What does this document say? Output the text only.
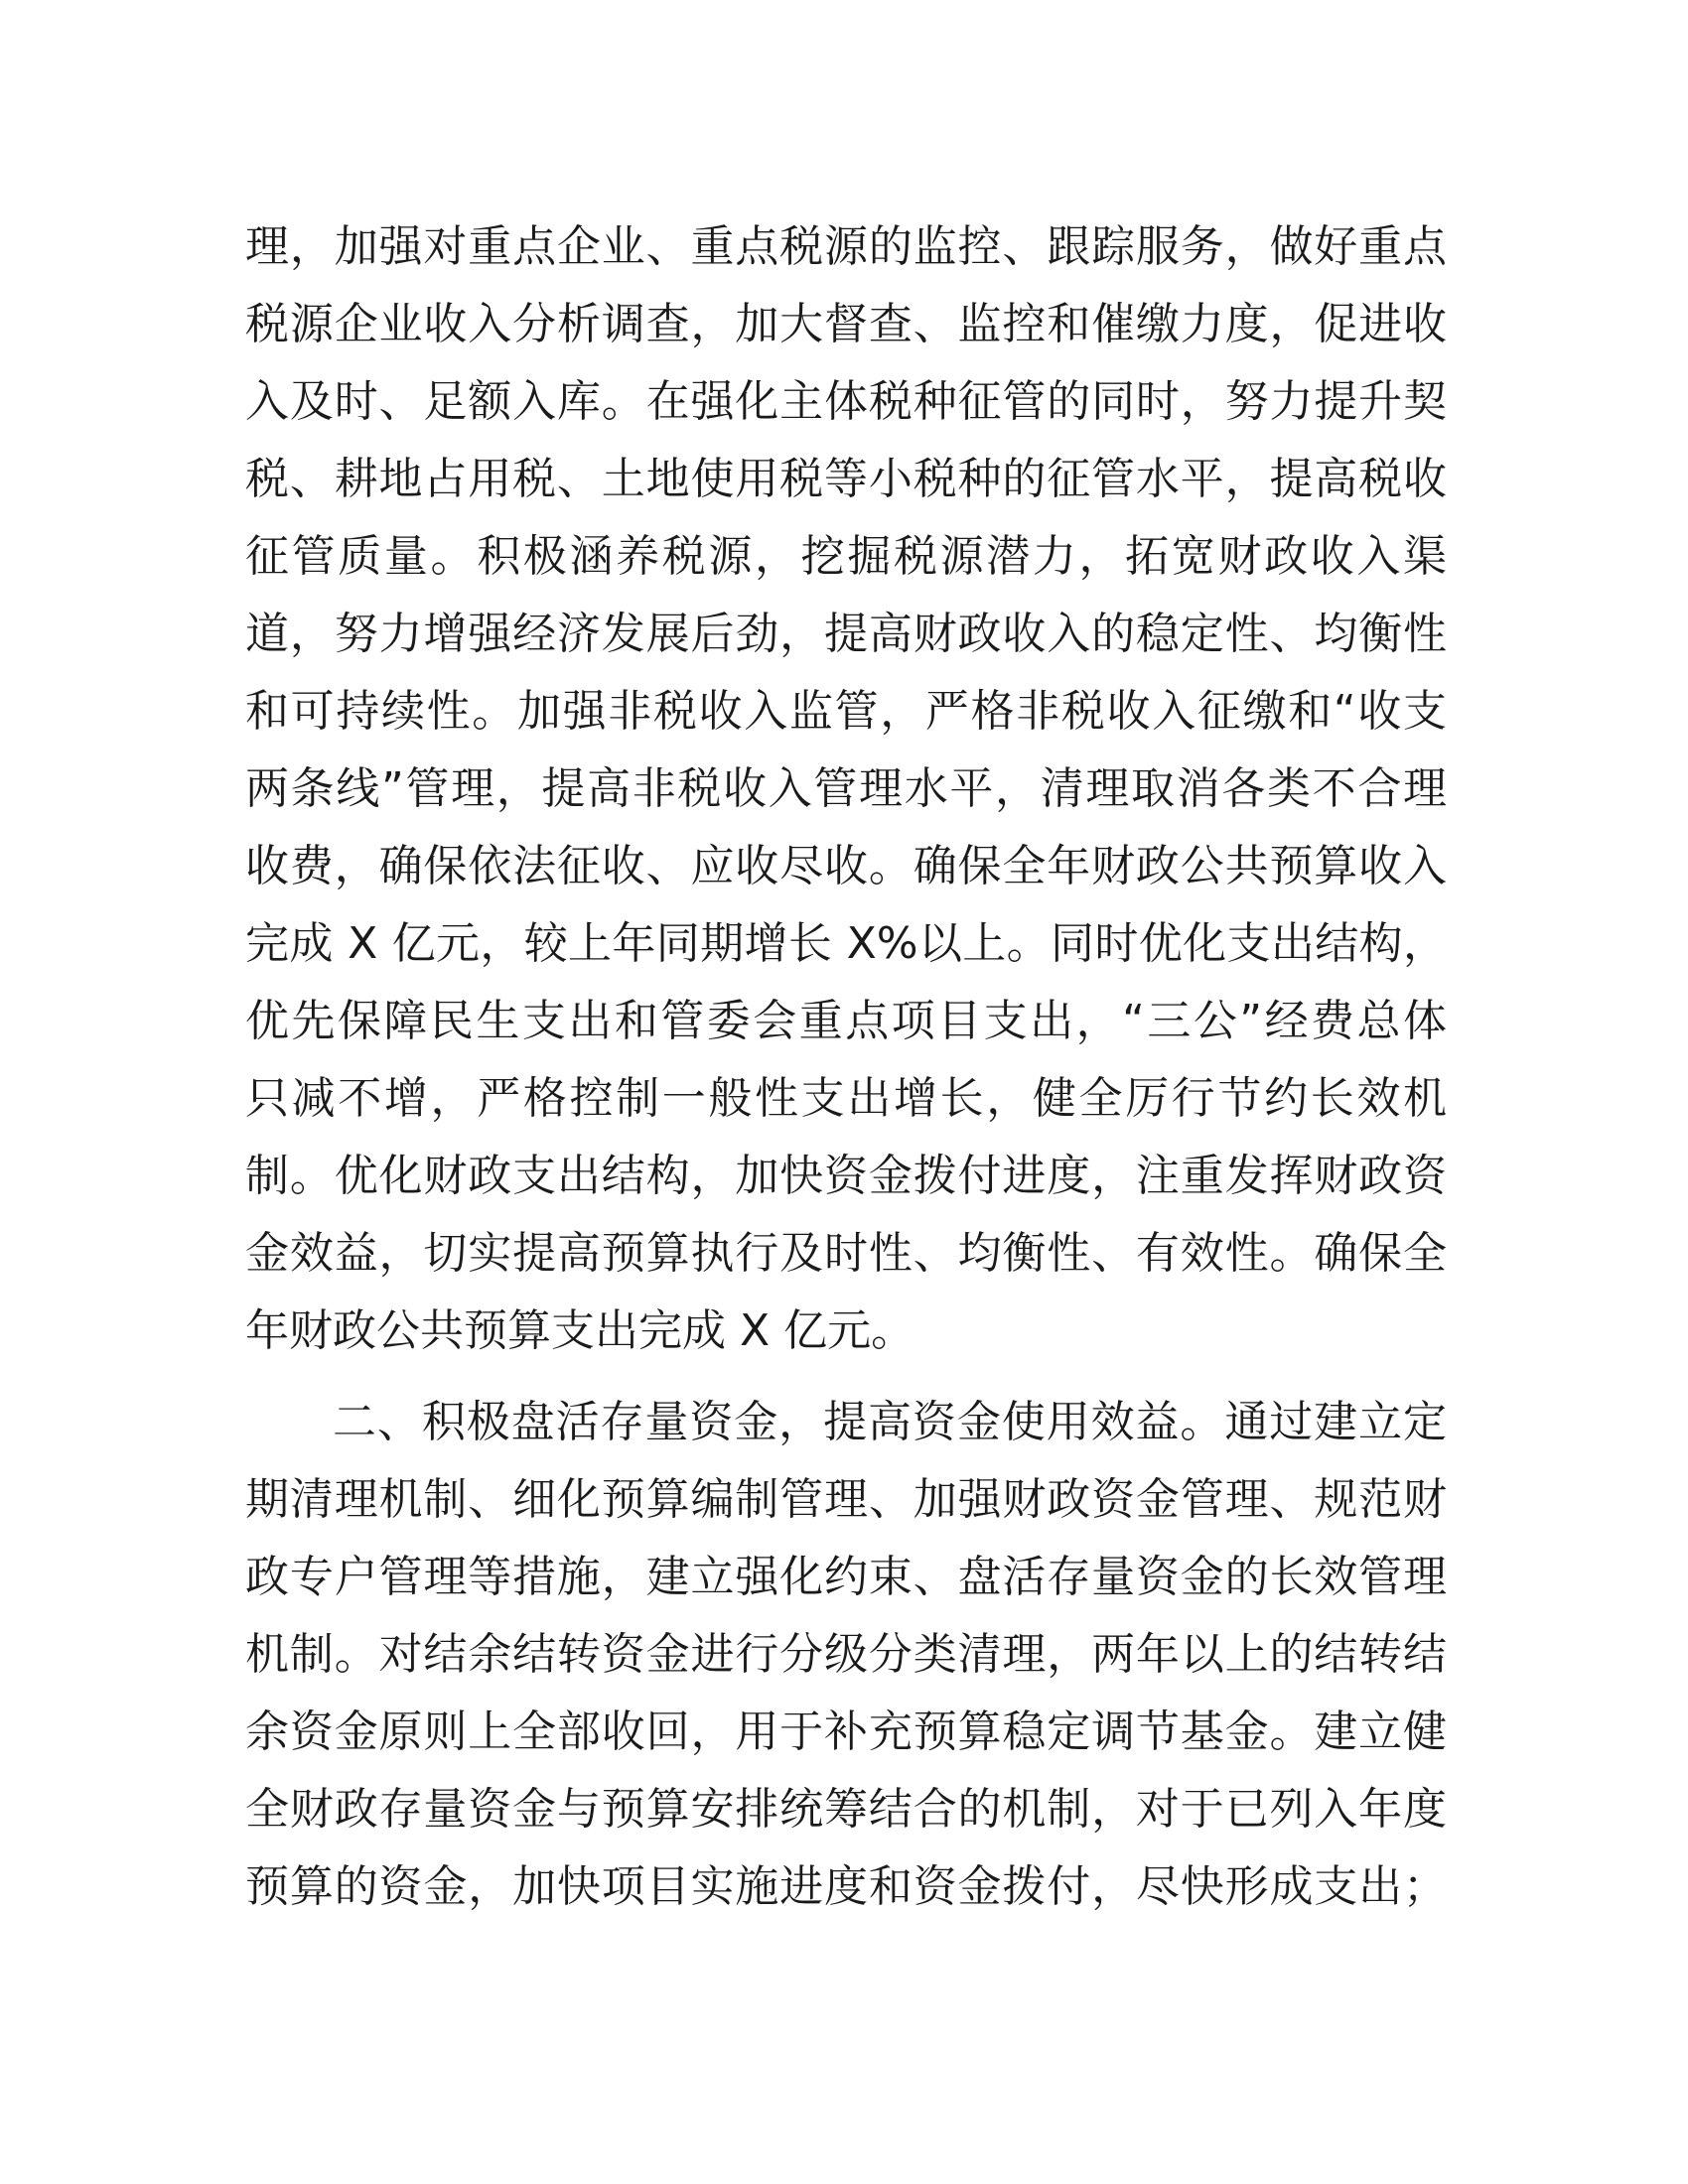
理，加强对重点企业、重点税源的监控、跟踪服务，做好重点
税源企业收入分析调查，加大督查、监控和催缴力度，促进收
入及时、足额入库。在强化主体税种征管的同时，努力提升契
税、耕地占用税、土地使用税等小税种的征管水平，提高税收
征管质量。积极涵养税源，挖掘税源潜力，拓宽财政收入渠
道，努力增强经济发展后劲，提高财政收入的稳定性、均衡性
和可持续性。加强非税收入监管，严格非税收入征缴和“收支
两条线”管理，提高非税收入管理水平，清理取消各类不合理
收费，确保依法征收、应收尽收。确保全年财政公共预算收入
完成 X 亿元，较上年同期增长 X%以上。同时优化支出结构，
优先保障民生支出和管委会重点项目支出，“三公”经费总体
只减不增，严格控制一般性支出增长，健全厉行节约长效机
制。优化财政支出结构，加快资金拨付进度，注重发挥财政资
金效益，切实提高预算执行及时性、均衡性、有效性。确保全
年财政公共预算支出完成 X 亿元。
二、积极盘活存量资金，提高资金使用效益。通过建立定
期清理机制、细化预算编制管理、加强财政资金管理、规范财
政专户管理等措施，建立强化约束、盘活存量资金的长效管理
机制。对结余结转资金进行分级分类清理，两年以上的结转结
余资金原则上全部收回，用于补充预算稳定调节基金。建立健
全财政存量资金与预算安排统筹结合的机制，对于已列入年度
预算的资金，加快项目实施进度和资金拨付，尽快形成支出；
